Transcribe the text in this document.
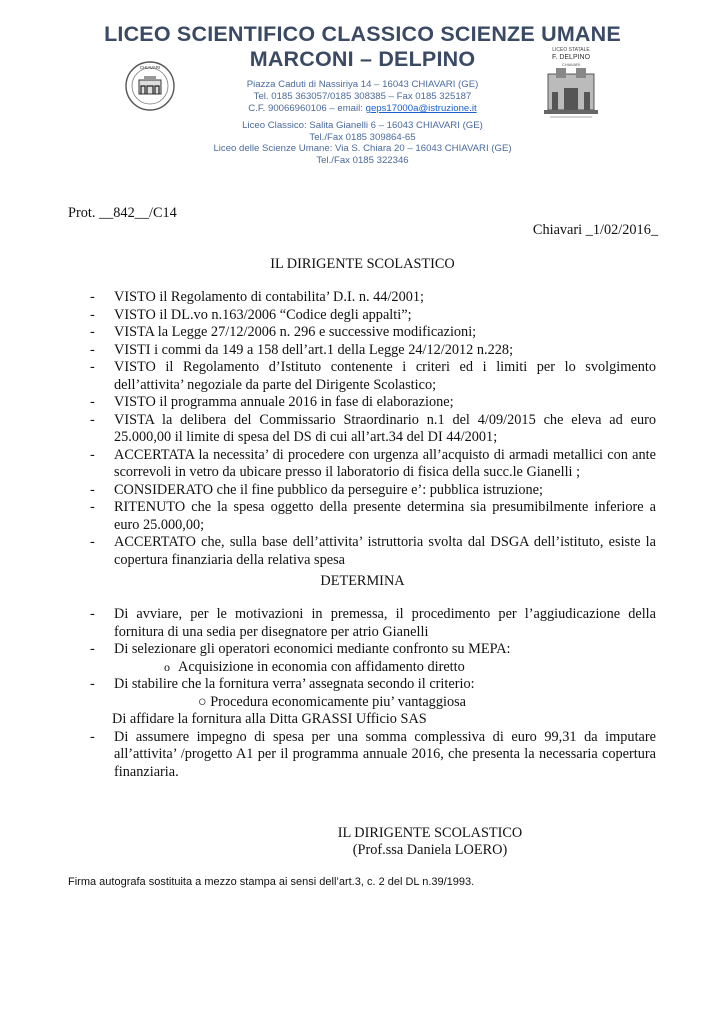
LICEO SCIENTIFICO CLASSICO SCIENZE UMANE
MARCONI – DELPINO
CHIAVARI
Piazza Caduti di Nassiriya 14 – 16043 CHIAVARI (GE)
Tel. 0185 363057/0185 308385 – Fax 0185 325187
C.F. 90066960106 – email: geps17000a@istruzione.it
Liceo Classico: Salita Gianelli 6 – 16043 CHIAVARI (GE)
Tel./Fax 0185 309864-65
Liceo delle Scienze Umane: Via S. Chiara 20 – 16043 CHIAVARI (GE)
Tel./Fax 0185 322346
LICEO STATALE
F. DELPINO
CHIAVARI
Prot. __842__/C14
Chiavari _1/02/2016_
IL DIRIGENTE SCOLASTICO
- VISTO il Regolamento di contabilita’ D.I. n. 44/2001;
- VISTO il DL.vo n.163/2006 “Codice degli appalti”;
- VISTA la Legge 27/12/2006 n. 296 e successive modificazioni;
- VISTI i commi da 149 a 158 dell’art.1 della Legge 24/12/2012 n.228;
- VISTO il Regolamento d’Istituto contenente i criteri ed i limiti per lo svolgimento dell’attivita’ negoziale da parte del Dirigente Scolastico;
- VISTO il programma annuale 2016 in fase di elaborazione;
- VISTA la delibera del Commissario Straordinario n.1 del 4/09/2015 che eleva ad euro 25.000,00 il limite di spesa del DS di cui all’art.34 del DI 44/2001;
- ACCERTATA la necessita’ di procedere con urgenza all’acquisto di armadi metallici con ante scorrevoli in vetro da ubicare presso il laboratorio di fisica della succ.le Gianelli ;
- CONSIDERATO che il fine pubblico da perseguire e’: pubblica istruzione;
- RITENUTO che la spesa oggetto della presente determina sia presumibilmente inferiore a euro 25.000,00;
- ACCERTATO che, sulla base dell’attivita’ istruttoria svolta dal DSGA dell’istituto, esiste la copertura finanziaria della relativa spesa
DETERMINA
- Di avviare, per le motivazioni in premessa, il procedimento per l’aggiudicazione della fornitura di una sedia per disegnatore per atrio Gianelli
- Di selezionare gli operatori economici mediante confronto su MEPA:
o Acquisizione in economia con affidamento diretto
- Di stabilire che la fornitura verra’ assegnata secondo il criterio:
○ Procedura economicamente piu’ vantaggiosa
Di affidare la fornitura alla Ditta GRASSI Ufficio SAS
- Di assumere impegno di spesa per una somma complessiva di euro 99,31 da imputare all’attivita’ /progetto A1 per il programma annuale 2016, che presenta la necessaria copertura finanziaria.
IL DIRIGENTE SCOLASTICO
(Prof.ssa Daniela LOERO)
Firma autografa sostituita a mezzo stampa ai sensi dell’art.3, c. 2 del DL n.39/1993.
